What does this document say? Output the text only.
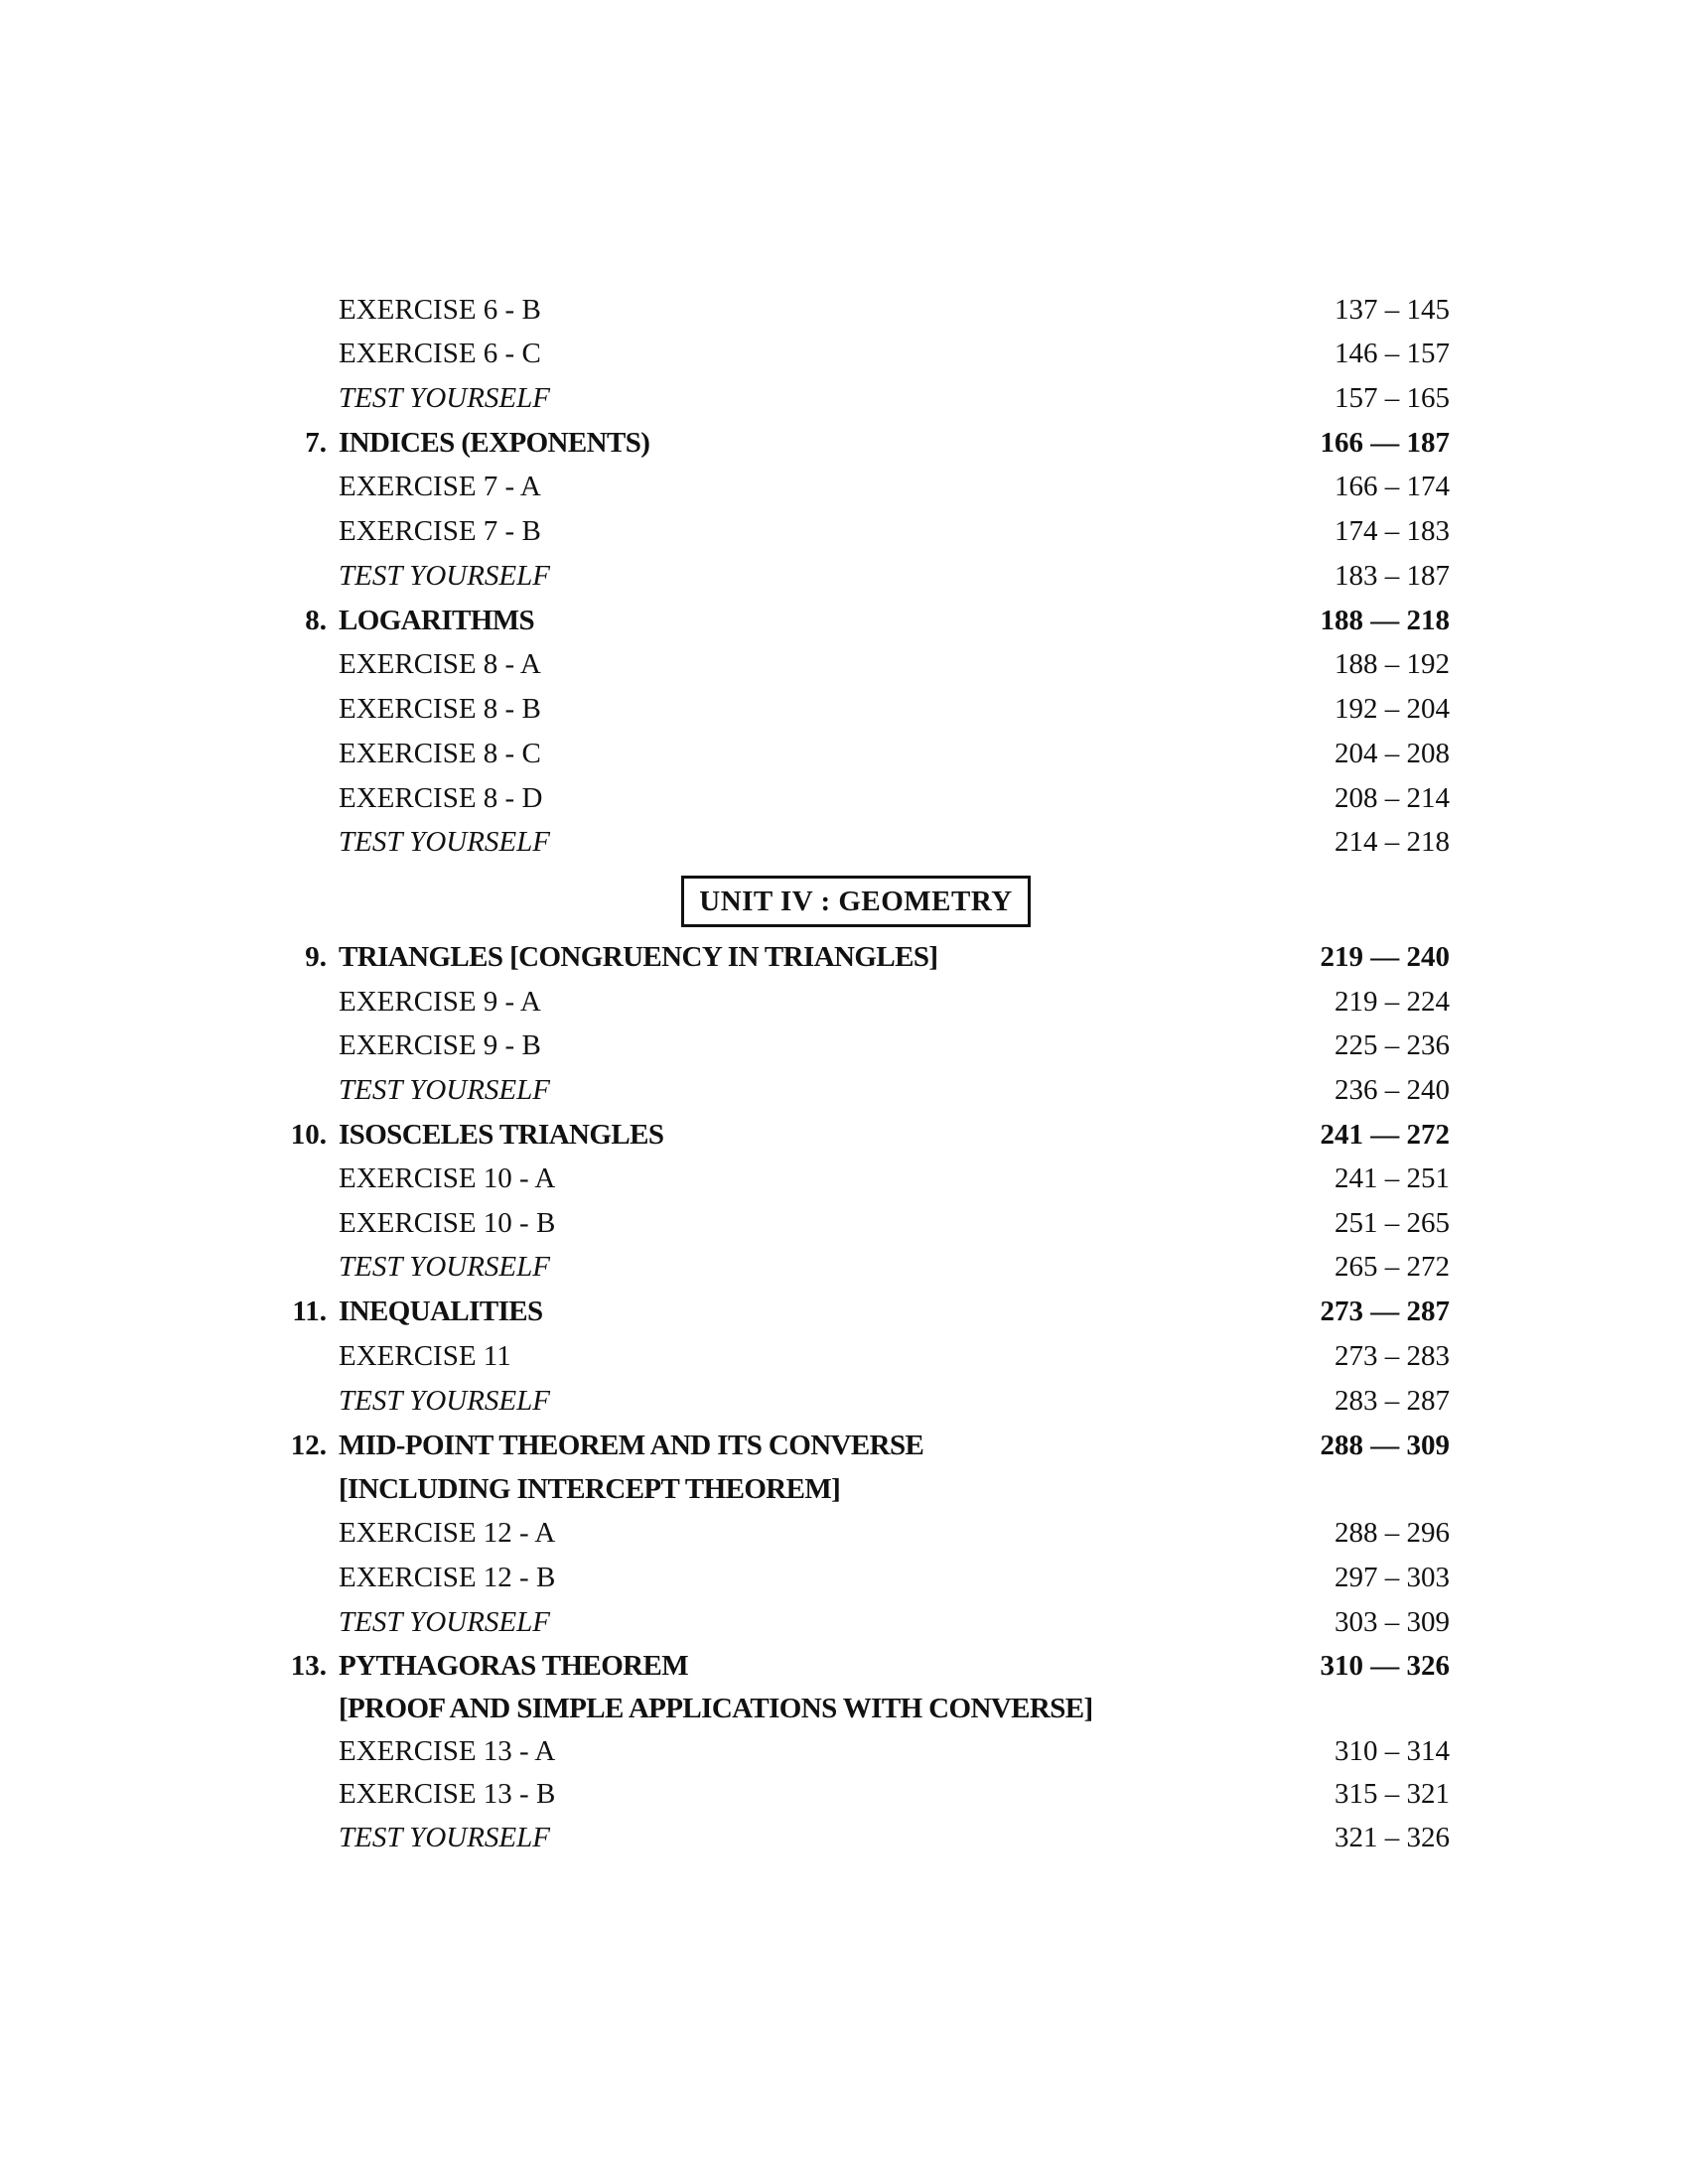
UNIT IV : GEOMETRY
EXERCISE 6 - B	137 – 145
EXERCISE 6 - C	146 – 157
TEST YOURSELF	157 – 165
7. INDICES (EXPONENTS)	166 — 187
EXERCISE 7 - A	166 – 174
EXERCISE 7 - B	174 – 183
TEST YOURSELF	183 – 187
8. LOGARITHMS	188 — 218
EXERCISE 8 - A	188 – 192
EXERCISE 8 - B	192 – 204
EXERCISE 8 - C	204 – 208
EXERCISE 8 - D	208 – 214
TEST YOURSELF	214 – 218
9. TRIANGLES [CONGRUENCY IN TRIANGLES]	219 — 240
EXERCISE 9 - A	219 – 224
EXERCISE 9 - B	225 – 236
TEST YOURSELF	236 – 240
10. ISOSCELES TRIANGLES	241 — 272
EXERCISE 10 - A	241 – 251
EXERCISE 10 - B	251 – 265
TEST YOURSELF	265 – 272
11. INEQUALITIES	273 — 287
EXERCISE 11	273 – 283
TEST YOURSELF	283 – 287
12. MID-POINT THEOREM AND ITS CONVERSE	288 — 309
[INCLUDING INTERCEPT THEOREM]
EXERCISE 12 - A	288 – 296
EXERCISE 12 - B	297 – 303
TEST YOURSELF	303 – 309
13. PYTHAGORAS THEOREM	310 — 326
[PROOF AND SIMPLE APPLICATIONS WITH CONVERSE]
EXERCISE 13 - A	310 – 314
EXERCISE 13 - B	315 – 321
TEST YOURSELF	321 – 326
